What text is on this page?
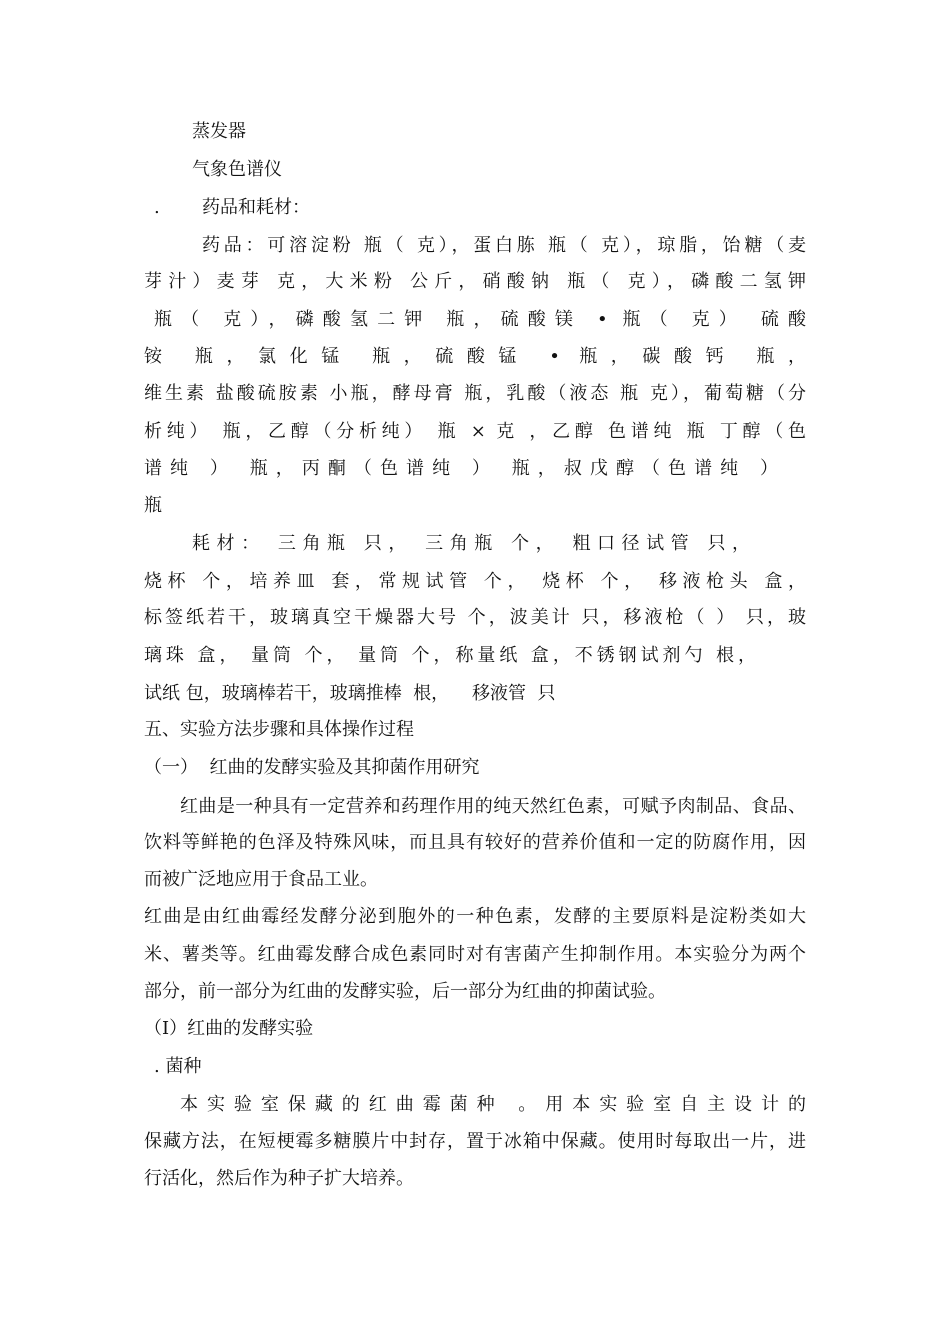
蒸发器

气象色谱仪

. 药品和耗材：

药品：可溶淀粉 瓶（ 克），蛋白胨 瓶（ 克），琼脂，饴糖（麦

芽汁）麦芽 克，大米粉 公斤，硝酸钠 瓶（ 克），磷酸二氢钾

瓶（ 克），磷酸氢二钾 瓶，硫酸镁 • 瓶（ 克） 硫酸

铵 瓶，氯化锰 瓶，硫酸锰 • 瓶，碳酸钙 瓶，

维生素 盐酸硫胺素 小瓶，酵母膏 瓶，乳酸（液态 瓶 克），葡萄糖（分

析纯） 瓶，乙醇（分析纯） 瓶 × 克 ，乙醇 色谱纯 瓶 丁醇（色

谱纯 ） 瓶，丙酮（色谱纯 ） 瓶，叔戊醇（色谱纯 ）

瓶

耗材： 三角瓶 只， 三角瓶 个， 粗口径试管 只，

烧杯 个，培养皿 套，常规试管 个， 烧杯 个， 移液枪头 盒，

标签纸若干，玻璃真空干燥器大号 个，波美计 只，移液枪（ ） 只，玻

璃珠 盒， 量筒 个， 量筒 个，称量纸 盒，不锈钢试剂勺 根，

试纸 包，玻璃棒若干，玻璃推棒  根，    移液管  只

五、实验方法步骤和具体操作过程

（一）  红曲的发酵实验及其抑菌作用研究

红曲是一种具有一定营养和药理作用的纯天然红色素，可赋予肉制品、食品、

饮料等鲜艳的色泽及特殊风味，而且具有较好的营养价值和一定的防腐作用，因

而被广泛地应用于食品工业。

红曲是由红曲霉经发酵分泌到胞外的一种色素，发酵的主要原料是淀粉类如大

米、薯类等。红曲霉发酵合成色素同时对有害菌产生抑制作用。本实验分为两个

部分，前一部分为红曲的发酵实验，后一部分为红曲的抑菌试验。

（Ⅰ）红曲的发酵实验

. 菌种

本实验室保藏的红曲霉菌种 。用本实验室自主设计的

保藏方法，在短梗霉多糖膜片中封存，置于冰箱中保藏。使用时每取出一片，进

行活化，然后作为种子扩大培养。
